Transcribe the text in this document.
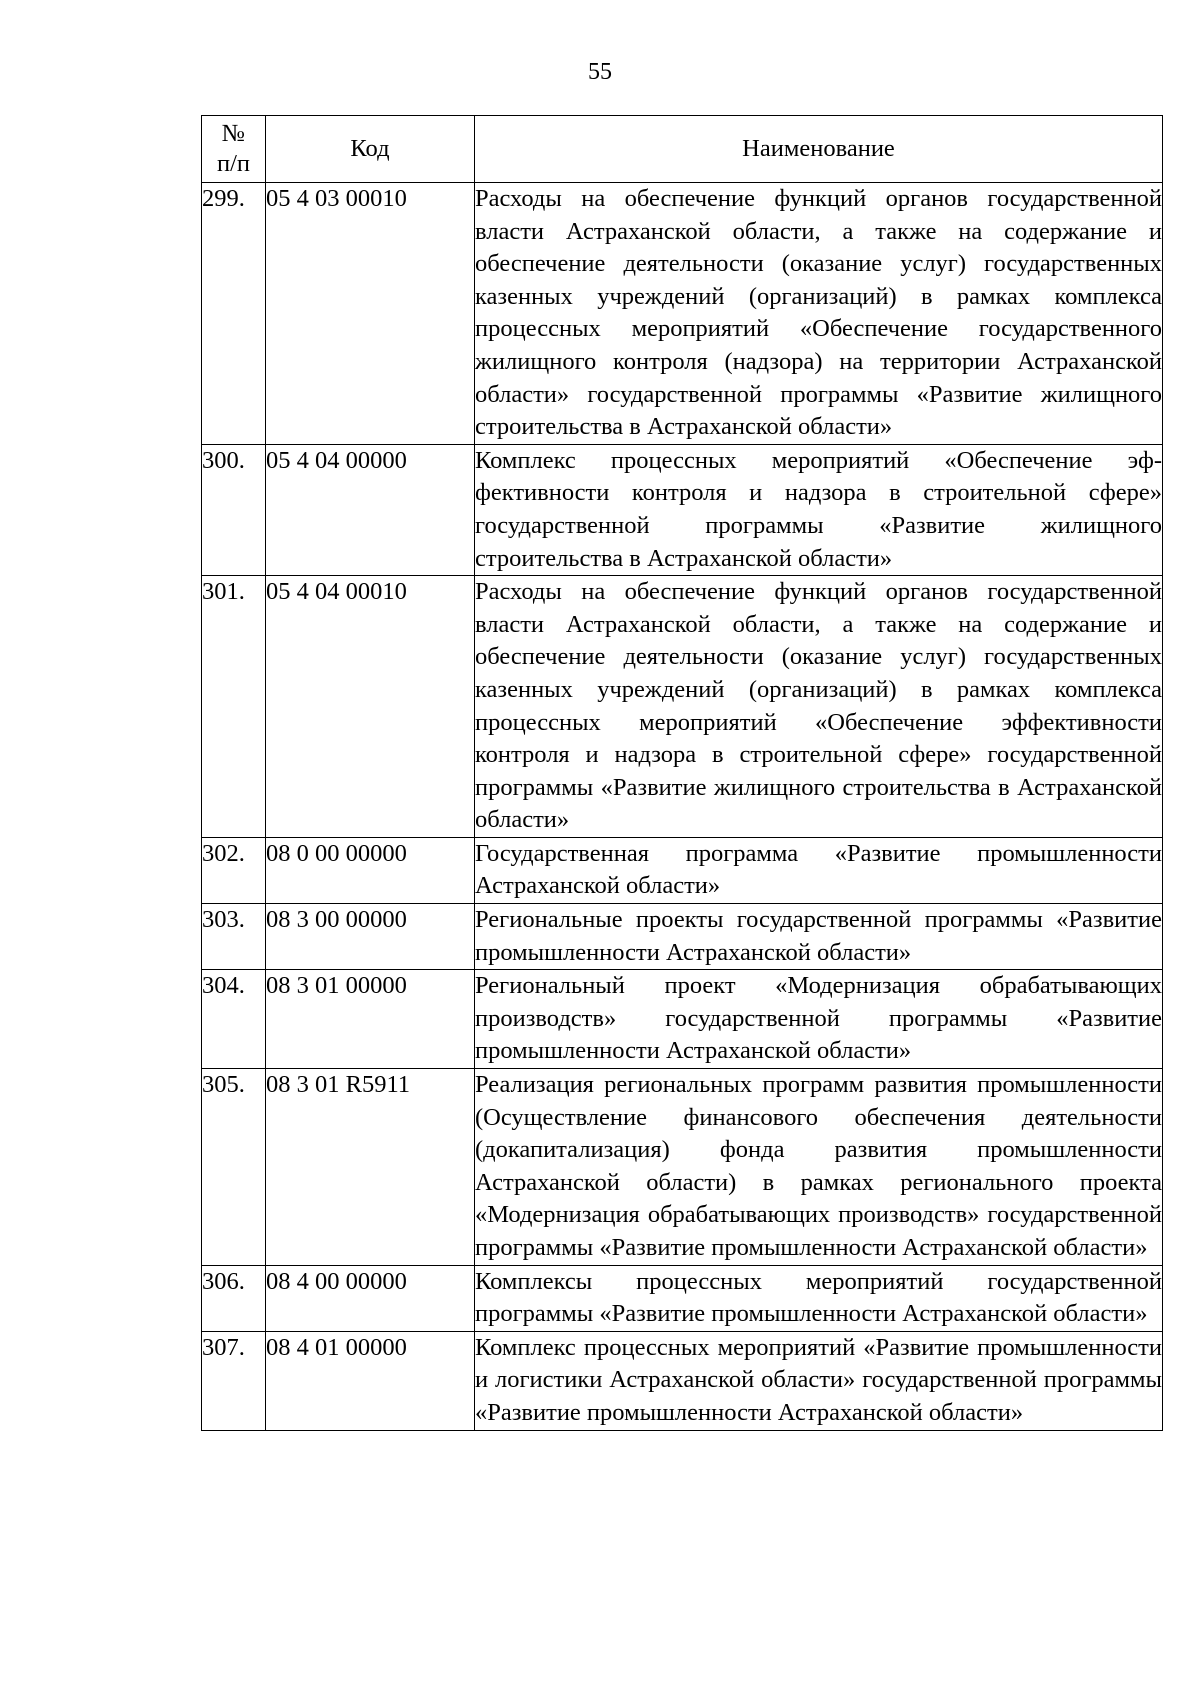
55
№
п/п	Код	Наименование
299.	05 4 03 00010	Расходы на обеспечение функций органов государственной власти Астраханской области, а также на содержание и обеспечение деятельности (оказание услуг) государственных казенных учреждений (организаций) в рамках комплекса процессных мероприятий «Обеспечение государственного жилищного контроля (надзора) на территории Астраханской области» государственной программы «Развитие жилищного строительства в Астраханской области»
300.	05 4 04 00000	Комплекс процессных мероприятий «Обеспечение эффективности контроля и надзора в строительной сфере» государственной программы «Развитие жилищного строительства в Астраханской области»
301.	05 4 04 00010	Расходы на обеспечение функций органов государственной власти Астраханской области, а также на содержание и обеспечение деятельности (оказание услуг) государственных казенных учреждений (организаций) в рамках комплекса процессных мероприятий «Обеспечение эффективности контроля и надзора в строительной сфере» государственной программы «Развитие жилищного строительства в Астраханской области»
302.	08 0 00 00000	Государственная программа «Развитие промышленности Астраханской области»
303.	08 3 00 00000	Региональные проекты государственной программы «Развитие промышленности Астраханской области»
304.	08 3 01 00000	Региональный проект «Модернизация обрабатывающих производств» государственной программы «Развитие промышленности Астраханской области»
305.	08 3 01 R5911	Реализация региональных программ развития промышленности (Осуществление финансового обеспечения деятельности (докапитализация) фонда развития промышленности Астраханской области) в рамках регионального проекта «Модернизация обрабатывающих производств» государственной программы «Развитие промышленности Астраханской области»
306.	08 4 00 00000	Комплексы процессных мероприятий государственной программы «Развитие промышленности Астраханской области»
307.	08 4 01 00000	Комплекс процессных мероприятий «Развитие промышленности и логистики Астраханской области» государственной программы «Развитие промышленности Астраханской области»
